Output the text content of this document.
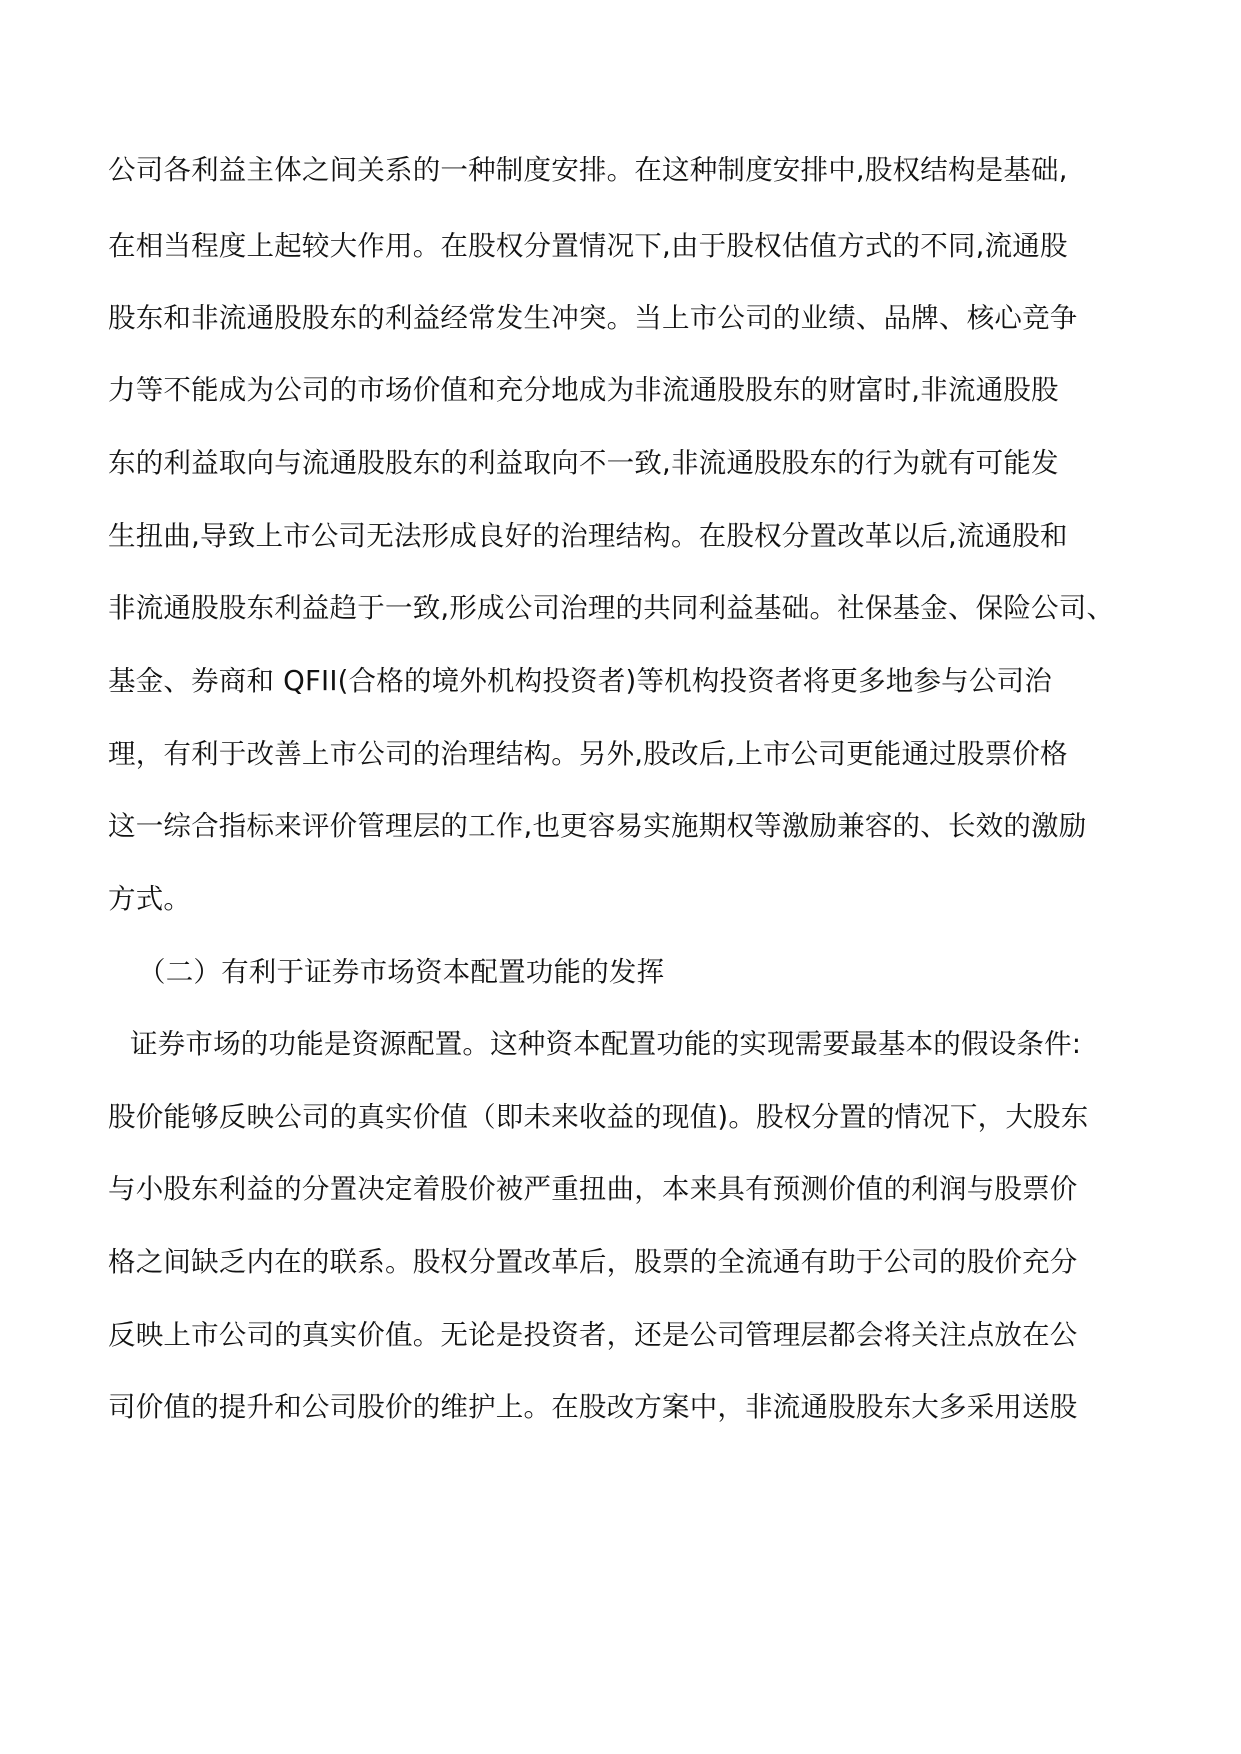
公司各利益主体之间关系的一种制度安排。在这种制度安排中,股权结构是基础,
在相当程度上起较大作用。在股权分置情况下,由于股权估值方式的不同,流通股
股东和非流通股股东的利益经常发生冲突。当上市公司的业绩、品牌、核心竞争
力等不能成为公司的市场价值和充分地成为非流通股股东的财富时,非流通股股
东的利益取向与流通股股东的利益取向不一致,非流通股股东的行为就有可能发
生扭曲,导致上市公司无法形成良好的治理结构。在股权分置改革以后,流通股和
非流通股股东利益趋于一致,形成公司治理的共同利益基础。社保基金、保险公司、
基金、券商和 QFII(合格的境外机构投资者)等机构投资者将更多地参与公司治
理，有利于改善上市公司的治理结构。另外,股改后,上市公司更能通过股票价格
这一综合指标来评价管理层的工作,也更容易实施期权等激励兼容的、长效的激励
方式。
（二）有利于证券市场资本配置功能的发挥
证券市场的功能是资源配置。这种资本配置功能的实现需要最基本的假设条件:
股价能够反映公司的真实价值（即未来收益的现值)。股权分置的情况下，大股东
与小股东利益的分置决定着股价被严重扭曲，本来具有预测价值的利润与股票价
格之间缺乏内在的联系。股权分置改革后，股票的全流通有助于公司的股价充分
反映上市公司的真实价值。无论是投资者，还是公司管理层都会将关注点放在公
司价值的提升和公司股价的维护上。在股改方案中，非流通股股东大多采用送股
